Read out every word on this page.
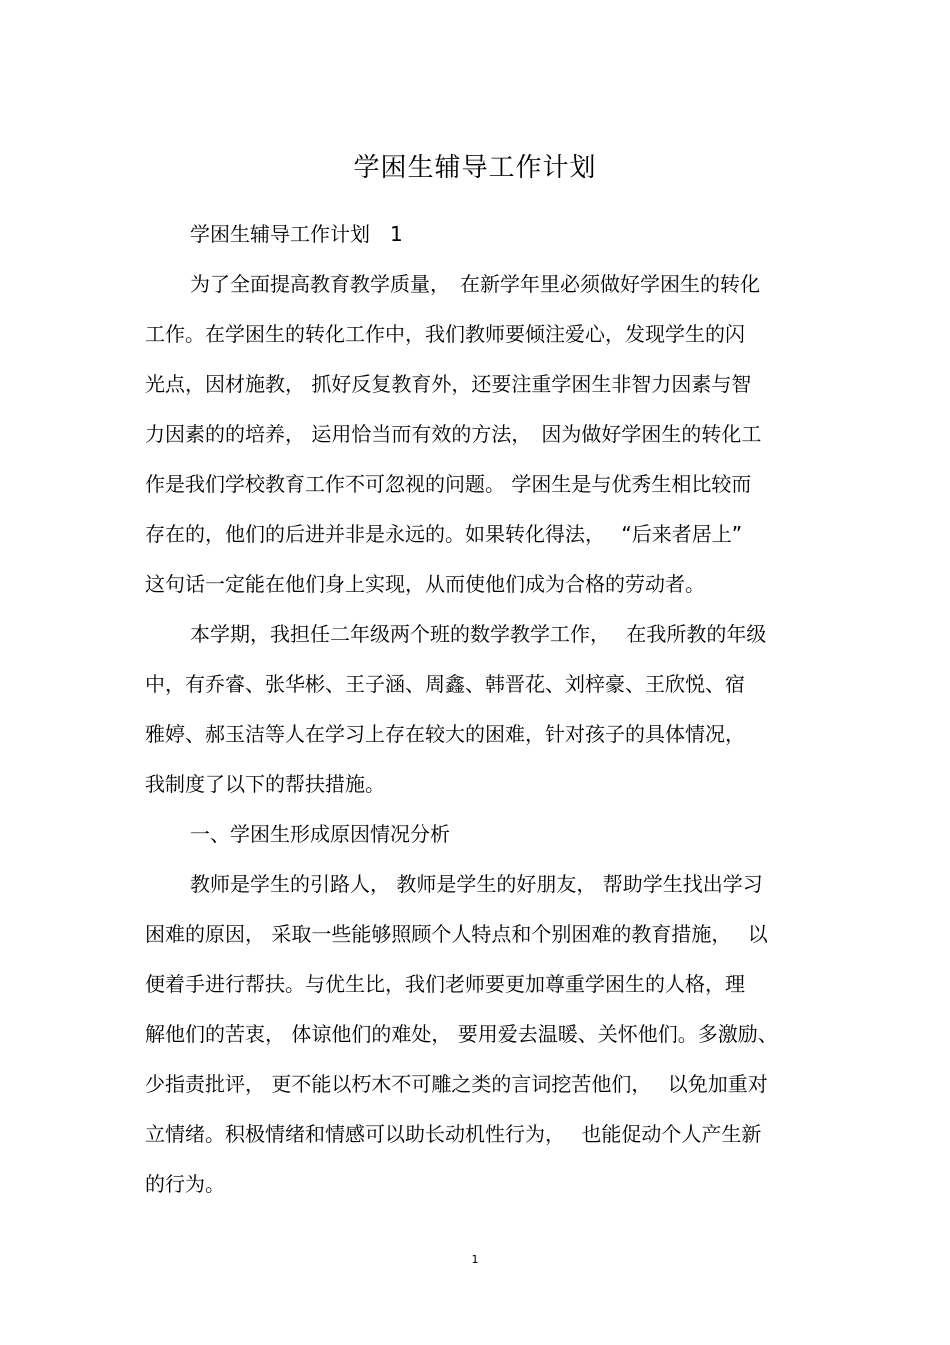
学困生辅导工作计划
学困生辅导工作计划　1
为了全面提高教育教学质量，　在新学年里必须做好学困生的转化
工作。在学困生的转化工作中，我们教师要倾注爱心，发现学生的闪
光点，因材施教， 抓好反复教育外，还要注重学困生非智力因素与智
力因素的的培养， 运用恰当而有效的方法，　因为做好学困生的转化工
作是我们学校教育工作不可忽视的问题。 学困生是与优秀生相比较而
存在的，他们的后进并非是永远的。如果转化得法，　 “后来者居上”
这句话一定能在他们身上实现，从而使他们成为合格的劳动者。
本学期，我担任二年级两个班的数学教学工作，　 在我所教的年级
中，有乔睿、张华彬、王子涵、周鑫、韩晋花、刘梓豪、王欣悦、宿
雅婷、郝玉洁等人在学习上存在较大的困难，针对孩子的具体情况，
我制度了以下的帮扶措施。
一、学困生形成原因情况分析
教师是学生的引路人， 教师是学生的好朋友， 帮助学生找出学习
困难的原因， 采取一些能够照顾个人特点和个别困难的教育措施，　 以
便着手进行帮扶。与优生比，我们老师要更加尊重学困生的人格，理
解他们的苦衷， 体谅他们的难处， 要用爱去温暖、关怀他们。多激励、
少指责批评， 更不能以朽木不可雕之类的言词挖苦他们，　 以免加重对
立情绪。积极情绪和情感可以助长动机性行为，　 也能促动个人产生新
的行为。
1
